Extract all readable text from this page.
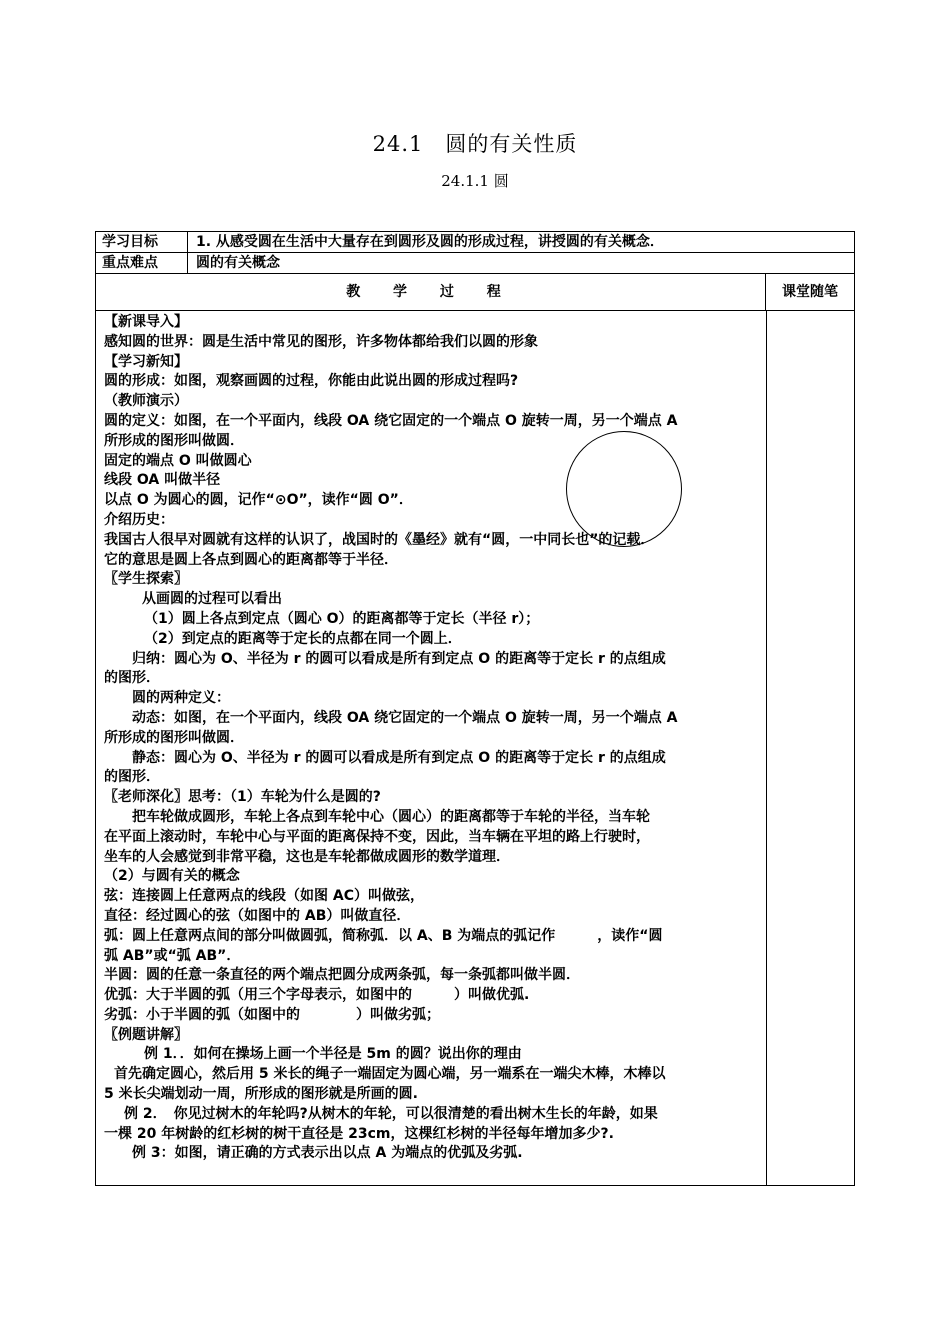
24.1　圆的有关性质
24.1.1 圆
学习目标	1. 从感受圆在生活中大量存在到圆形及圆的形成过程，讲授圆的有关概念．
重点难点	圆的有关概念
教 学 过 程	课堂随笔

【新课导入】

感知圆的世界：圆是生活中常见的图形，许多物体都给我们以圆的形象

【学习新知】

圆的形成：如图，观察画圆的过程，你能由此说出圆的形成过程吗?

（教师演示）

圆的定义：如图，在一个平面内，线段 OA 绕它固定的一个端点 O 旋转一周，另一个端点 A

所形成的图形叫做圆．

固定的端点 O 叫做圆心

线段 OA 叫做半径

以点 O 为圆心的圆，记作“⊙O”，读作“圆 O”．

介绍历史：

我国古人很早对圆就有这样的认识了，战国时的《墨经》就有“圆，一中同长也”的记载．

它的意思是圆上各点到圆心的距离都等于半径．

〖学生探索〗

从画圆的过程可以看出

（1）圆上各点到定点（圆心 O）的距离都等于定长（半径 r）；

（2）到定点的距离等于定长的点都在同一个圆上．

归纳：圆心为 O、半径为 r 的圆可以看成是所有到定点 O 的距离等于定长 r 的点组成

的图形．

圆的两种定义：

动态：如图，在一个平面内，线段 OA 绕它固定的一个端点 O 旋转一周，另一个端点 A

所形成的图形叫做圆．

静态：圆心为 O、半径为 r 的圆可以看成是所有到定点 O 的距离等于定长 r 的点组成

的图形．

〖老师深化〗思考：（1）车轮为什么是圆的?

把车轮做成圆形，车轮上各点到车轮中心（圆心）的距离都等于车轮的半径，当车轮

在平面上滚动时，车轮中心与平面的距离保持不变，因此，当车辆在平坦的路上行驶时，

坐车的人会感觉到非常平稳，这也是车轮都做成圆形的数学道理．

（2）与圆有关的概念

弦：连接圆上任意两点的线段（如图 AC）叫做弦，

直径：经过圆心的弦（如图中的 AB）叫做直径．

弧：圆上任意两点间的部分叫做圆弧，简称弧．以 A、B 为端点的弧记作　　　，读作“圆

弧 AB”或“弧 AB”．

半圆：圆的任意一条直径的两个端点把圆分成两条弧，每一条弧都叫做半圆．

优弧：大于半圆的弧（用三个字母表示，如图中的　　　）叫做优弧.

劣弧：小于半圆的弧（如图中的　　　　）叫做劣弧；

〖例题讲解〗

例 1．．如何在操场上画一个半径是 5m 的圆？说出你的理由

首先确定圆心，然后用 5 米长的绳子一端固定为圆心端，另一端系在一端尖木棒，木棒以

5 米长尖端划动一周，所形成的图形就是所画的圆.

例 2．　你见过树木的年轮吗?从树木的年轮，可以很清楚的看出树木生长的年龄，如果

一棵 20 年树龄的红杉树的树干直径是 23cm，这棵红杉树的半径每年增加多少?.

例 3：如图，请正确的方式表示出以点 A 为端点的优弧及劣弧.
